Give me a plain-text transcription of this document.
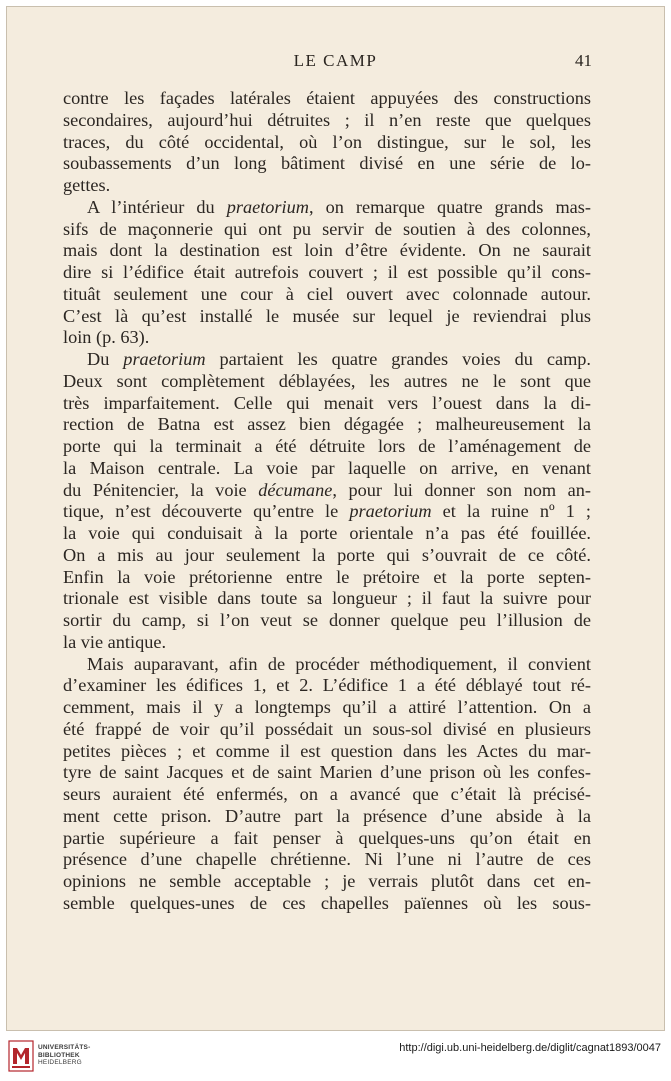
LE CAMP	41
contre les façades latérales étaient appuyées des constructions
secondaires, aujourd’hui détruites ; il n’en reste que quelques
traces, du côté occidental, où l’on distingue, sur le sol, les
soubassements d’un long bâtiment divisé en une série de lo-
gettes.
A l’intérieur du praetorium, on remarque quatre grands mas-
sifs de maçonnerie qui ont pu servir de soutien à des colonnes,
mais dont la destination est loin d’être évidente. On ne saurait
dire si l’édifice était autrefois couvert ; il est possible qu’il cons-
tituât seulement une cour à ciel ouvert avec colonnade autour.
C’est là qu’est installé le musée sur lequel je reviendrai plus
loin (p. 63).
Du praetorium partaient les quatre grandes voies du camp.
Deux sont complètement déblayées, les autres ne le sont que
très imparfaitement. Celle qui menait vers l’ouest dans la di-
rection de Batna est assez bien dégagée ; malheureusement la
porte qui la terminait a été détruite lors de l’aménagement de
la Maison centrale. La voie par laquelle on arrive, en venant
du Pénitencier, la voie décumane, pour lui donner son nom an-
tique, n’est découverte qu’entre le praetorium et la ruine nº 1 ;
la voie qui conduisait à la porte orientale n’a pas été fouillée.
On a mis au jour seulement la porte qui s’ouvrait de ce côté.
Enfin la voie prétorienne entre le prétoire et la porte septen-
trionale est visible dans toute sa longueur ; il faut la suivre pour
sortir du camp, si l’on veut se donner quelque peu l’illusion de
la vie antique.
Mais auparavant, afin de procéder méthodiquement, il convient
d’examiner les édifices 1, et 2. L’édifice 1 a été déblayé tout ré-
cemment, mais il y a longtemps qu’il a attiré l’attention. On a
été frappé de voir qu’il possédait un sous-sol divisé en plusieurs
petites pièces ; et comme il est question dans les Actes du mar-
tyre de saint Jacques et de saint Marien d’une prison où les confes-
seurs auraient été enfermés, on a avancé que c’était là précisé-
ment cette prison. D’autre part la présence d’une abside à la
partie supérieure a fait penser à quelques-uns qu’on était en
présence d’une chapelle chrétienne. Ni l’une ni l’autre de ces
opinions ne semble acceptable ; je verrais plutôt dans cet en-
semble quelques-unes de ces chapelles païennes où les sous-
UNIVERSITÄTS-
BIBLIOTHEK
HEIDELBERG
http://digi.ub.uni-heidelberg.de/diglit/cagnat1893/0047
